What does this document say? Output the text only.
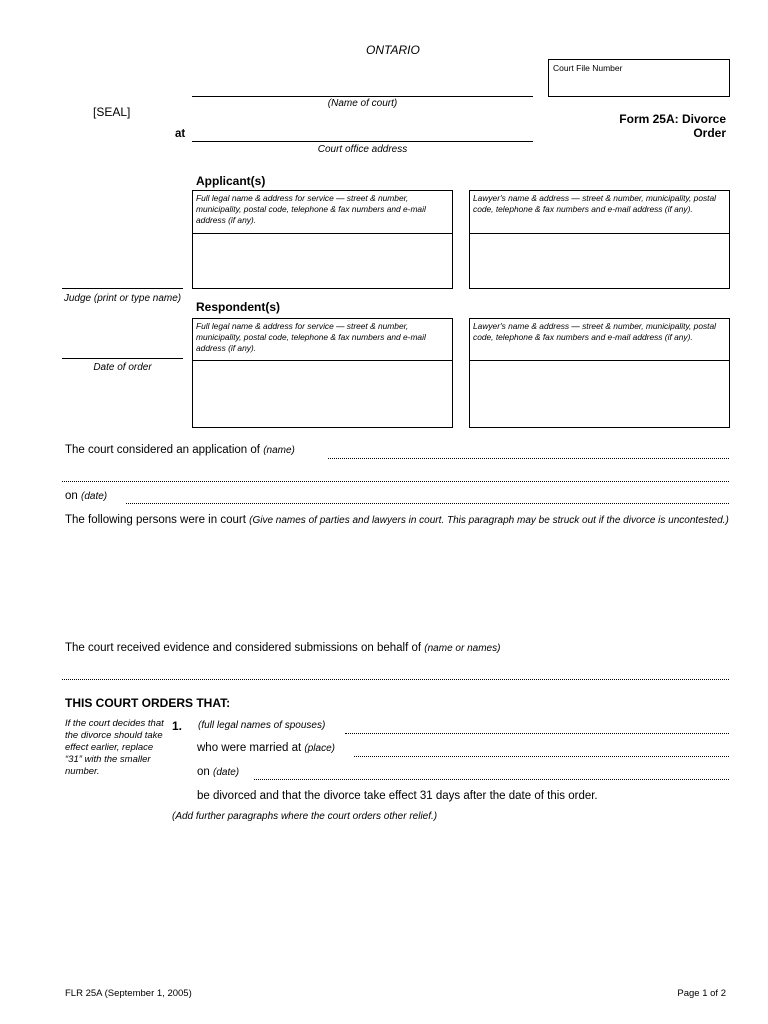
ONTARIO
Court File Number
[SEAL]
(Name of court)
at
Court office address
Form 25A: Divorce
Order
Applicant(s)
Full legal name & address for service — street & number, municipality, postal code, telephone & fax numbers and e-mail address (if any).
Lawyer's name & address — street & number, municipality, postal code, telephone & fax numbers and e-mail address (if any).
Judge (print or type name)
Date of order
Respondent(s)
Full legal name & address for service — street & number, municipality, postal code, telephone & fax numbers and e-mail address (if any).
Lawyer's name & address — street & number, municipality, postal code, telephone & fax numbers and e-mail address (if any).
The court considered an application of (name)
on (date)
The following persons were in court (Give names of parties and lawyers in court. This paragraph may be struck out if the divorce is uncontested.)
The court received evidence and considered submissions on behalf of (name or names)
THIS COURT ORDERS THAT:
If the court decides that the divorce should take effect earlier, replace “31” with the smaller number.
1. (full legal names of spouses)
who were married at (place)
on (date)
be divorced and that the divorce take effect 31 days after the date of this order.
(Add further paragraphs where the court orders other relief.)
FLR 25A (September 1, 2005)	Page 1 of 2
